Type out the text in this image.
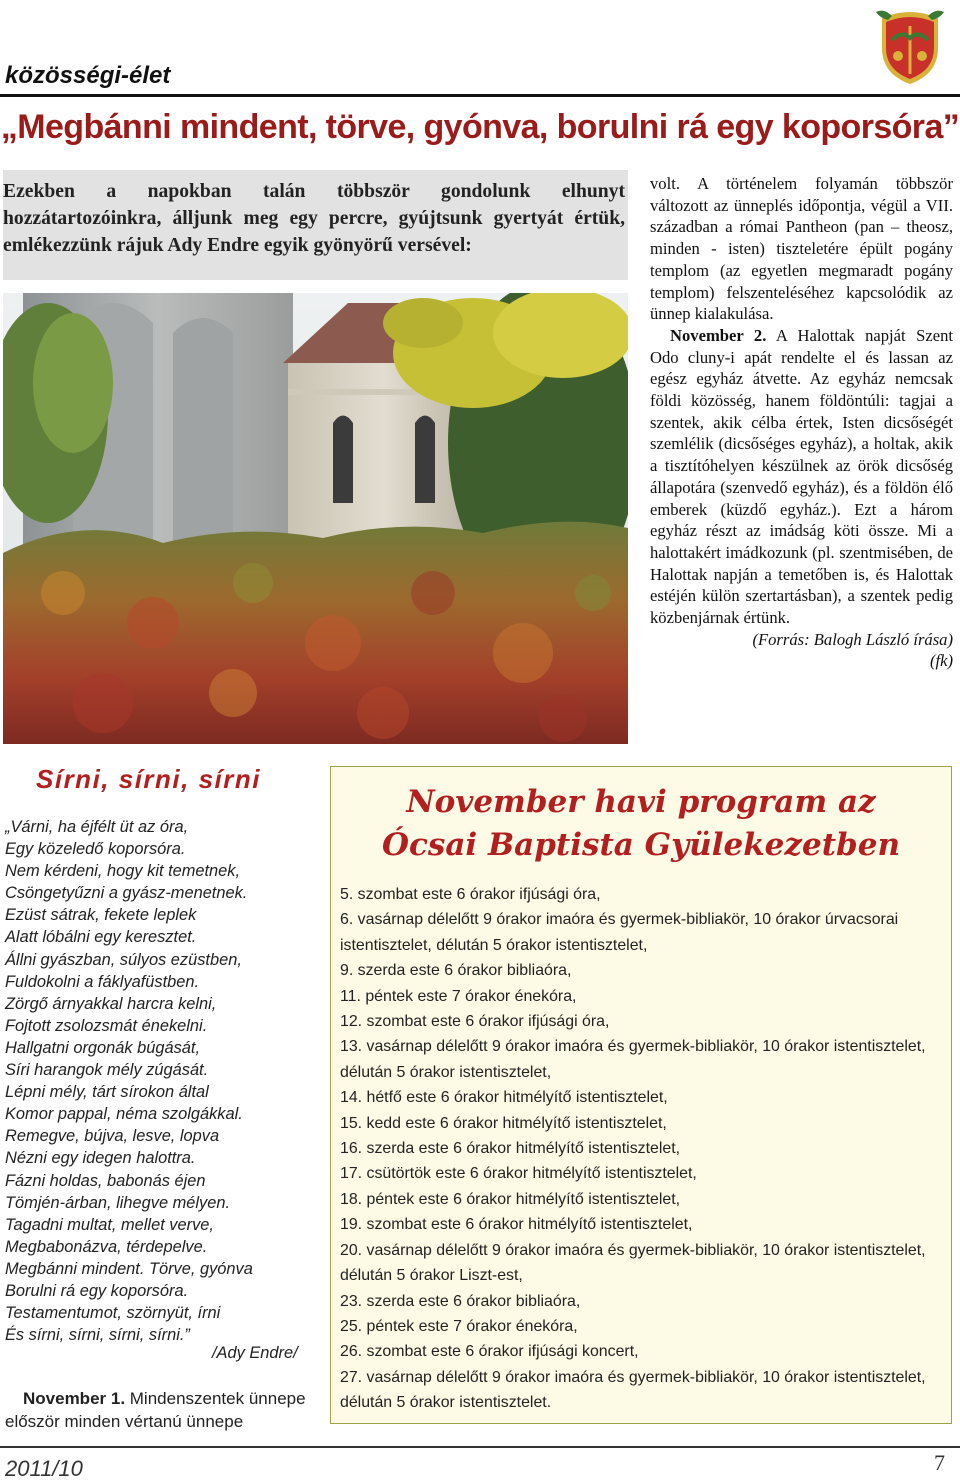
közösségi-élet
„Megbánni mindent, törve, gyónva, borulni rá egy koporsóra”
Ezekben a napokban talán többször gondolunk elhunyt hozzátartozóinkra, álljunk meg egy percre, gyújtsunk gyertyát értük, emlékezzünk rájuk Ady Endre egyik gyönyörű versével:

volt. A történelem folyamán többször változott az ünneplés időpontja, végül a VII. században a római Pantheon (pan – theosz, minden - isten) tiszteletére épült pogány templom (az egyetlen megmaradt pogány templom) felszenteléséhez kapcsolódik az ünnep kialakulása.

November 2. A Halottak napját Szent Odo cluny-i apát rendelte el és lassan az egész egyház átvette. Az egyház nemcsak földi közösség, hanem földöntúli: tagjai a szentek, akik célba értek, Isten dicsőségét szemlélik (dicsőséges egyház), a holtak, akik a tisztítóhelyen készülnek az örök dicsőség állapotára (szenvedő egyház), és a földön élő emberek (küzdő egyház.). Ezt a három egyház részt az imádság köti össze. Mi a halottakért imádkozunk (pl. szentmisében, de Halottak napján a temetőben is, és Halottak estéjén külön szertartásban), a szentek pedig közbenjárnak értünk.

(Forrás: Balogh László írása)

(fk)

Sírni, sírni, sírni
„Várni, ha éjfélt üt az óra,
Egy közeledő koporsóra.
Nem kérdeni, hogy kit temetnek,
Csöngetyűzni a gyász-menetnek.
Ezüst sátrak, fekete leplek
Alatt lóbálni egy keresztet.
Állni gyászban, súlyos ezüstben,
Fuldokolni a fáklyafüstben.
Zörgő árnyakkal harcra kelni,
Fojtott zsolozsmát énekelni.
Hallgatni orgonák búgását,
Síri harangok mély zúgását.
Lépni mély, tárt sírokon által
Komor pappal, néma szolgákkal.
Remegve, bújva, lesve, lopva
Nézni egy idegen halottra.
Fázni holdas, babonás éjen
Tömjén-árban, lihegve mélyen.
Tagadni multat, mellet verve,
Megbabonázva, térdepelve.
Megbánni mindent. Törve, gyónva
Borulni rá egy koporsóra.
Testamentumot, szörnyüt, írni
És sírni, sírni, sírni, sírni.”
/Ady Endre/
November 1. Mindenszentek ünnepe először minden vértanú ünnepe
November havi program az
Ócsai Baptista Gyülekezetben
5. szombat este 6 órakor ifjúsági óra,
6. vasárnap délelőtt 9 órakor imaóra és gyermek-bibliakör, 10 órakor úrvacsorai istentisztelet, délután 5 órakor istentisztelet,
9. szerda este 6 órakor bibliaóra,
11. péntek este 7 órakor énekóra,
12. szombat este 6 órakor ifjúsági óra,
13. vasárnap délelőtt 9 órakor imaóra és gyermek-bibliakör, 10 órakor istentisztelet, délután 5 órakor istentisztelet,
14. hétfő este 6 órakor hitmélyítő istentisztelet,
15. kedd este 6 órakor hitmélyítő istentisztelet,
16. szerda este 6 órakor hitmélyítő istentisztelet,
17. csütörtök este 6 órakor hitmélyítő istentisztelet,
18. péntek este 6 órakor hitmélyítő istentisztelet,
19. szombat este 6 órakor hitmélyítő istentisztelet,
20. vasárnap délelőtt 9 órakor imaóra és gyermek-bibliakör, 10 órakor istentisztelet, délután 5 órakor Liszt-est,
23. szerda este 6 órakor bibliaóra,
25. péntek este 7 órakor énekóra,
26. szombat este 6 órakor ifjúsági koncert,
27. vasárnap délelőtt 9 órakor imaóra és gyermek-bibliakör, 10 órakor istentisztelet, délután 5 órakor istentisztelet.
2011/10	7
